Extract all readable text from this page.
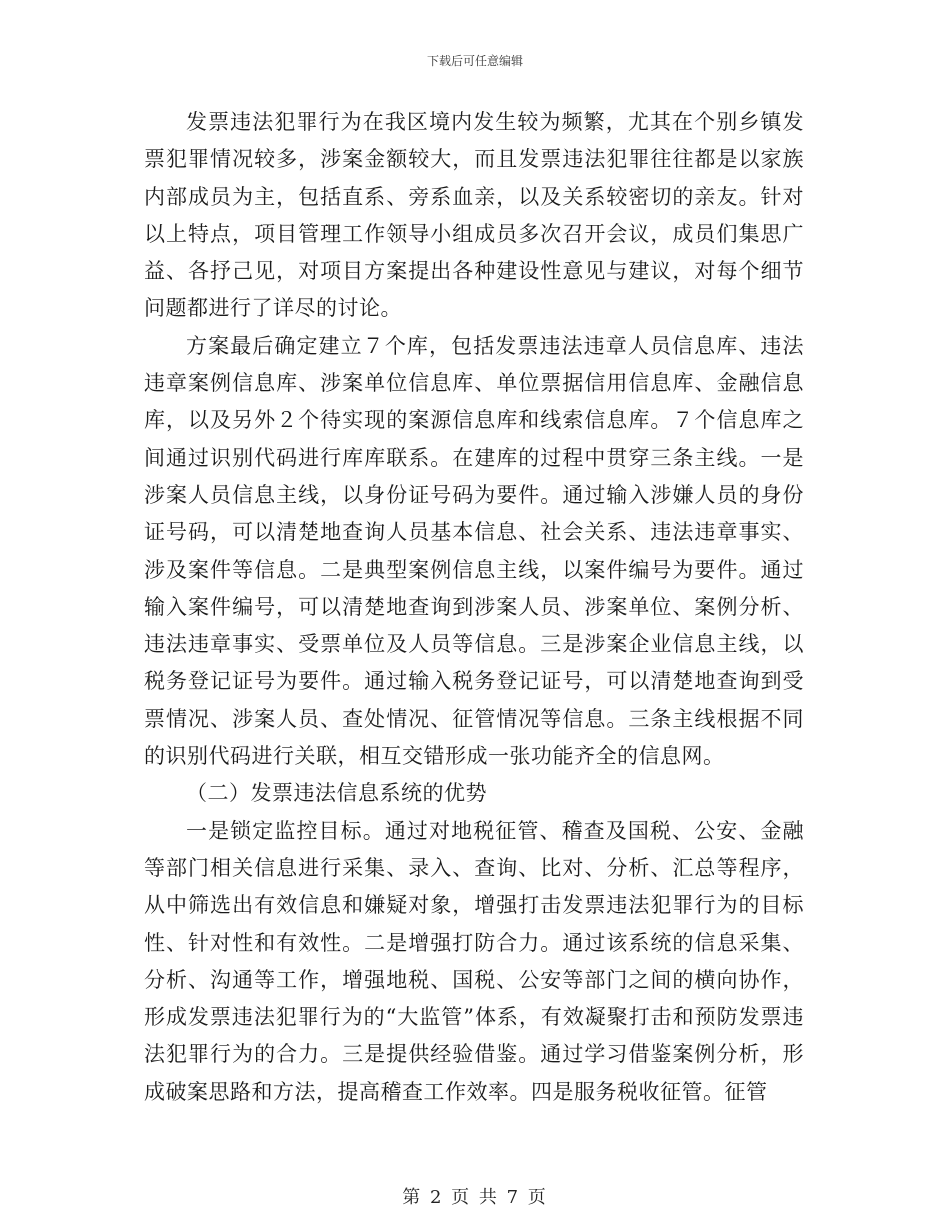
下载后可任意编辑

发票违法犯罪行为在我区境内发生较为频繁，尤其在个别乡镇发票犯罪情况较多，涉案金额较大，而且发票违法犯罪往往都是以家族内部成员为主，包括直系、旁系血亲，以及关系较密切的亲友。针对以上特点，项目管理工作领导小组成员多次召开会议，成员们集思广益、各抒己见，对项目方案提出各种建设性意见与建议，对每个细节问题都进行了详尽的讨论。

方案最后确定建立７个库，包括发票违法违章人员信息库、违法违章案例信息库、涉案单位信息库、单位票据信用信息库、金融信息库，以及另外２个待实现的案源信息库和线索信息库。７个信息库之间通过识别代码进行库库联系。在建库的过程中贯穿三条主线。一是涉案人员信息主线，以身份证号码为要件。通过输入涉嫌人员的身份证号码，可以清楚地查询人员基本信息、社会关系、违法违章事实、涉及案件等信息。二是典型案例信息主线，以案件编号为要件。通过输入案件编号，可以清楚地查询到涉案人员、涉案单位、案例分析、违法违章事实、受票单位及人员等信息。三是涉案企业信息主线，以税务登记证号为要件。通过输入税务登记证号，可以清楚地查询到受票情况、涉案人员、查处情况、征管情况等信息。三条主线根据不同的识别代码进行关联，相互交错形成一张功能齐全的信息网。

（二）发票违法信息系统的优势

一是锁定监控目标。通过对地税征管、稽查及国税、公安、金融等部门相关信息进行采集、录入、查询、比对、分析、汇总等程序，从中筛选出有效信息和嫌疑对象，增强打击发票违法犯罪行为的目标性、针对性和有效性。二是增强打防合力。通过该系统的信息采集、分析、沟通等工作，增强地税、国税、公安等部门之间的横向协作，形成发票违法犯罪行为的“大监管”体系，有效凝聚打击和预防发票违法犯罪行为的合力。三是提供经验借鉴。通过学习借鉴案例分析，形成破案思路和方法，提高稽查工作效率。四是服务税收征管。征管

第 2 页 共 7 页
